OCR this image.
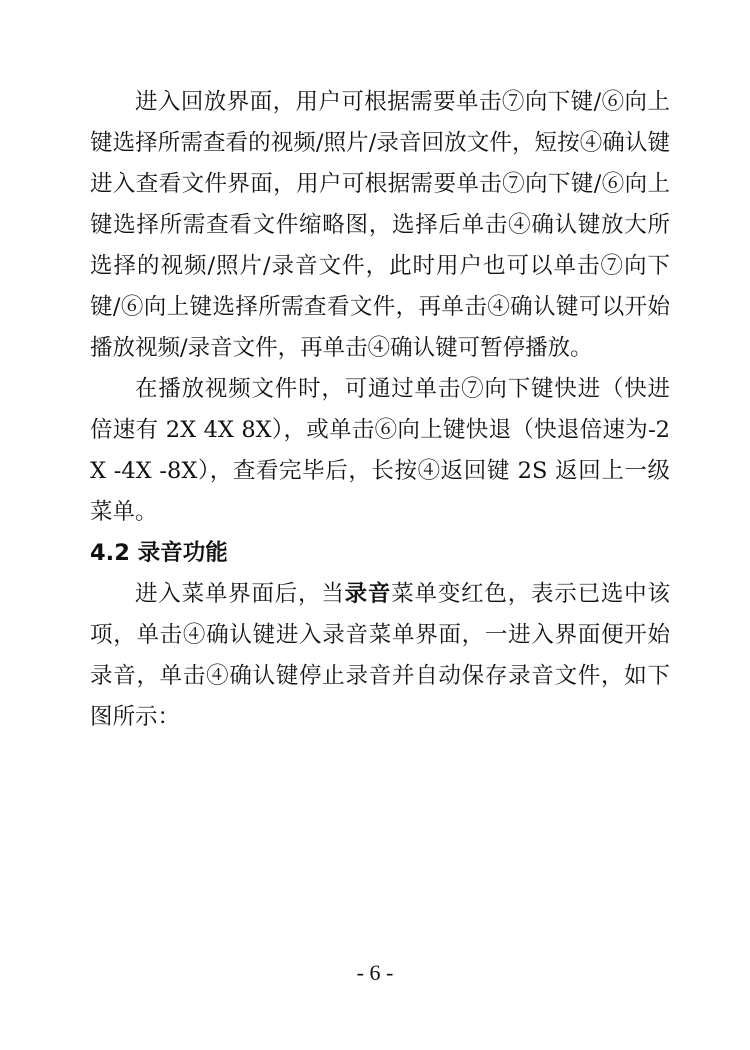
进入回放界面，用户可根据需要单击⑦向下键/⑥向上键选择所需查看的视频/照片/录音回放文件，短按④确认键进入查看文件界面，用户可根据需要单击⑦向下键/⑥向上键选择所需查看文件缩略图，选择后单击④确认键放大所选择的视频/照片/录音文件，此时用户也可以单击⑦向下键/⑥向上键选择所需查看文件，再单击④确认键可以开始播放视频/录音文件，再单击④确认键可暂停播放。

在播放视频文件时，可通过单击⑦向下键快进（快进倍速有 2X 4X 8X），或单击⑥向上键快退（快退倍速为-2X -4X -8X），查看完毕后，长按④返回键 2S 返回上一级菜单。

4.2 录音功能

进入菜单界面后，当录音菜单变红色，表示已选中该项，单击④确认键进入录音菜单界面，一进入界面便开始录音，单击④确认键停止录音并自动保存录音文件，如下图所示：

- 6 -
